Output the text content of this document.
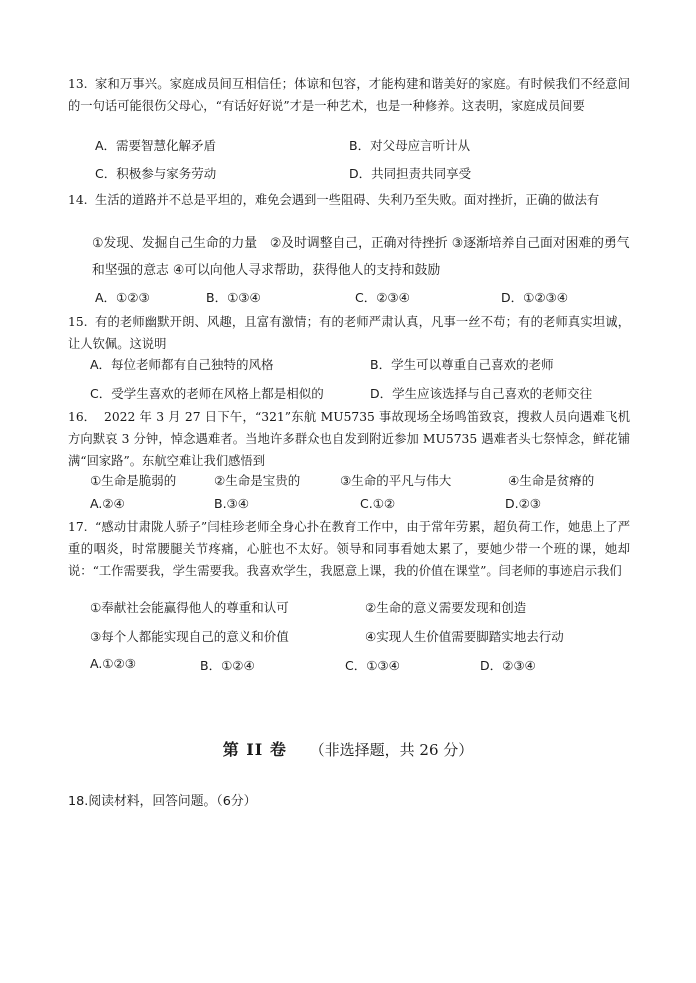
13. 家和万事兴。家庭成员间互相信任；体谅和包容，才能构建和谐美好的家庭。有时候我们不经意间的一句话可能很伤父母心，“有话好好说”才是一种艺术，也是一种修养。这表明，家庭成员间要

A．需要智慧化解矛盾	B．对父母应言听计从
C．积极参与家务劳动	D．共同担责共同享受
14. 生活的道路并不总是平坦的，难免会遇到一些阻碍、失利乃至失败。面对挫折，正确的做法有

①发现、发掘自己生命的力量　②及时调整自己，正确对待挫折 ③逐渐培养自己面对困难的勇气和坚强的意志 ④可以向他人寻求帮助，获得他人的支持和鼓励

A．①②③	B．①③④	C．②③④	D．①②③④
15. 有的老师幽默开朗、风趣，且富有激情；有的老师严肃认真，凡事一丝不苟；有的老师真实坦诚，让人钦佩。这说明

A．每位老师都有自己独特的风格	B．学生可以尊重自己喜欢的老师
C．受学生喜欢的老师在风格上都是相似的	D．学生应该选择与自己喜欢的老师交往
16． 2022 年 3 月 27 日下午，“321”东航 MU5735 事故现场全场鸣笛致哀，搜救人员向遇难飞机方向默哀 3 分钟，悼念遇难者。当地许多群众也自发到附近参加 MU5735 遇难者头七祭悼念，鲜花铺满“回家路”。东航空难让我们感悟到

①生命是脆弱的	②生命是宝贵的	③生命的平凡与伟大	④生命是贫瘠的
A.②④	B.③④	C.①②	D.②③
17. “感动甘肃陇人骄子”闫桂珍老师全身心扑在教育工作中，由于常年劳累，超负荷工作，她患上了严重的咽炎，时常腰腿关节疼痛，心脏也不太好。领导和同事看她太累了，要她少带一个班的课，她却说：“工作需要我，学生需要我。我喜欢学生，我愿意上课，我的价值在课堂”。闫老师的事迹启示我们

①奉献社会能赢得他人的尊重和认可	②生命的意义需要发现和创造
③每个人都能实现自己的意义和价值	④实现人生价值需要脚踏实地去行动
A.①②③	B．①②④	C．①③④	D．②③④
第 II 卷 （非选择题，共 26 分）
18.阅读材料，回答问题。（6分）
